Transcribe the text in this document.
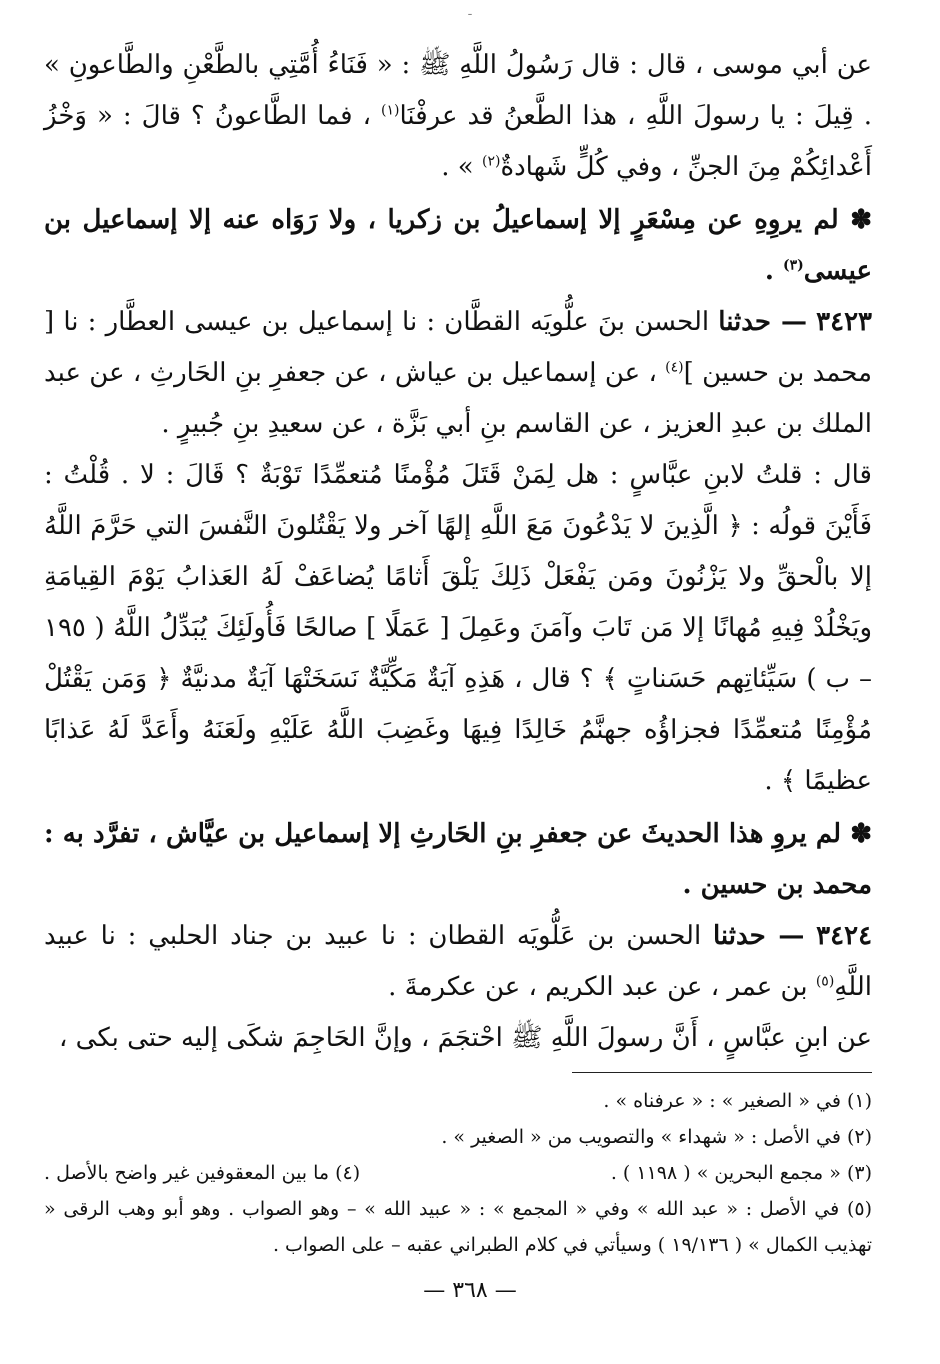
-

عن أبي موسى ، قال : قال رَسُولُ اللَّهِ ﷺ : « فَنَاءُ أُمَّتِي بالطَّعْنِ والطَّاعونِ » . قِيلَ : يا رسولَ اللَّهِ ، هذا الطَّعنُ قد عرفْنَا$^{(١)}$ ، فما الطَّاعونُ ؟ قالَ : « وَخْزُ أَعْدائِكُمْ مِنَ الجنِّ ، وفي كُلٍّ شَهادةٌ$^{(٢)}$ » .

✽ لم يروِهِ عن مِسْعَرٍ إلا إسماعيلُ بن زكريا ، ولا رَوَاه عنه إلا إسماعيل بن عيسى$^{(٣)}$ .

٣٤٢٣ — حدثنا الحسن بنَ علُّويَه القطَّان : نا إسماعيل بن عيسى العطَّار : نا [ محمد بن حسين ]$^{(٤)}$ ، عن إسماعيل بن عياش ، عن جعفرِ بنِ الحَارثِ ، عن عبد الملك بن عبدِ العزيز ، عن القاسم بنِ أبي بَزَّة ، عن سعيدِ بنِ جُبيرٍ .

قال : قلتُ لابنِ عبَّاسٍ : هل لِمَنْ قَتَلَ مُؤْمنًا مُتعمِّدًا تَوْبَةٌ ؟ قَالَ : لا . قُلْتُ : فَأَيْنَ قولُه : ﴿ الَّذِينَ لا يَدْعُونَ مَعَ اللَّهِ إلهًا آخر ولا يَقْتُلونَ النَّفسَ التي حَرَّمَ اللَّهُ إلا بالْحقِّ ولا يَزْنُونَ ومَن يَفْعَلْ ذَلِكَ يَلْقَ أَثامًا يُضاعَفْ لَهُ العَذابُ يَوْمَ القِيامَةِ ويَخْلُدْ فِيهِ مُهانًا إلا مَن تَابَ وآمَنَ وعَمِلَ [ عَمَلًا ] صالحًا فَأُولَئِكَ يُبَدِّلُ اللَّهُ ( ١٩٥ – ب ) سَيِّئاتِهم حَسَناتٍ ﴾ ؟ قال ، هَذِهِ آيَةٌ مَكِّيَّةٌ نَسَخَتْهَا آيَةٌ مدنيَّةٌ ﴿ وَمَن يَقْتُلْ مُؤْمِنًا مُتعمِّدًا فجزاؤُه جهنَّمُ خَالِدًا فِيهَا وغَضِبَ اللَّهُ عَلَيْهِ ولَعَنَهُ وأَعَدَّ لَهُ عَذابًا عظيمًا ﴾ .

✽ لم يروِ هذا الحديثَ عن جعفرِ بنِ الحَارثِ إلا إسماعيل بن عيَّاش ، تفرَّد به : محمد بن حسين .

٣٤٢٤ — حدثنا الحسن بن عَلُّويَه القطان : نا عبيد بن جناد الحلبي : نا عبيد اللَّهِ$^{(٥)}$ بن عمر ، عن عبد الكريم ، عن عكرمةَ .

عن ابنِ عبَّاسٍ ، أَنَّ رسولَ اللَّهِ ﷺ احْتجَمَ ، وإنَّ الحَاجِمَ شكَى إليه حتى بكى ،

(١) في « الصغير » : « عرفناه » .
(٢) في الأصل : « شهداء » والتصويب من « الصغير » .
(٣) « مجمع البحرين » ( ١١٩٨ ) .
(٤) ما بين المعقوفين غير واضح بالأصل .
(٥) في الأصل : « عبد الله » وفي « المجمع » : « عبيد الله » – وهو الصواب . وهو أبو وهب الرقى « تهذيب الكمال » ( ١٩/١٣٦ ) وسيأتي في كلام الطبراني عقبه – على الصواب .
— ٣٦٨ —
